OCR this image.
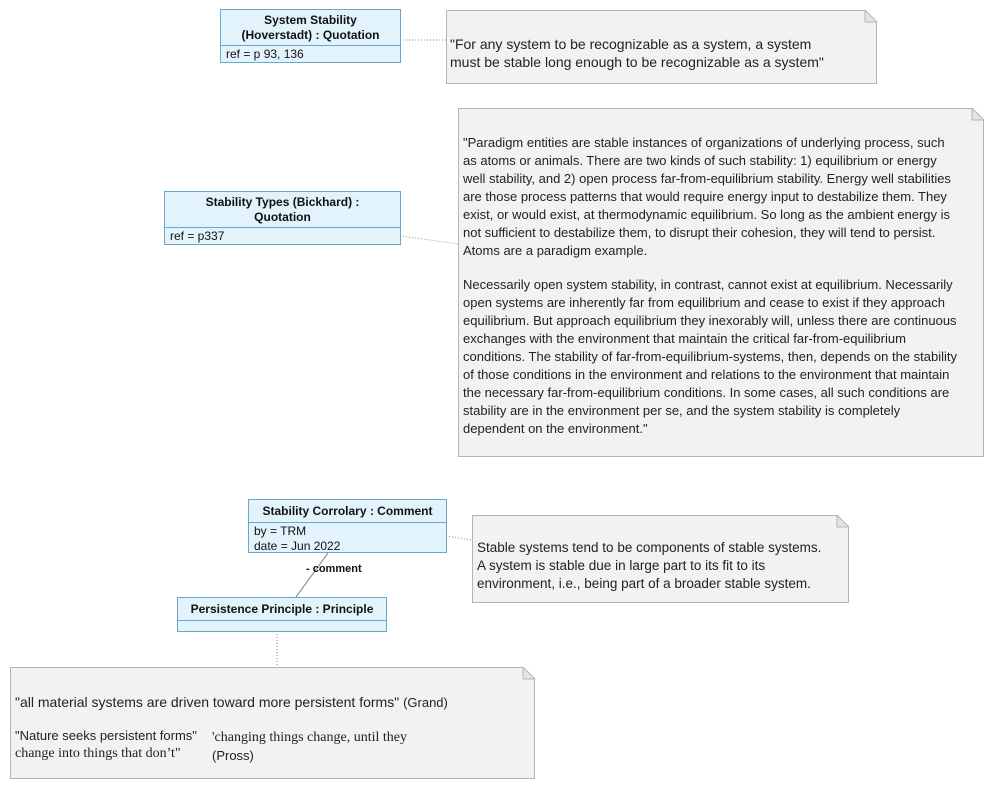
System Stability
(Hoverstadt) : Quotation
ref = p 93, 136
Stability Types (Bickhard) :
Quotation
ref = p337
Stability Corrolary : Comment
by = TRM
date = Jun 2022
Persistence Principle : Principle
- comment
"For any system to be recognizable as a system, a system
must be stable long enough to be recognizable as a system"

"Paradigm entities are stable instances of organizations of underlying process, such as atoms or animals. There are two kinds of such stability: 1) equilibrium or energy well stability, and 2) open process far-from-equilibrium stability. Energy well stabilities are those process patterns that would require energy input to destabilize them. They exist, or would exist, at thermodynamic equilibrium. So long as the ambient energy is not sufficient to destabilize them, to disrupt their cohesion, they will tend to persist. Atoms are a paradigm example.

Necessarily open system stability, in contrast, cannot exist at equilibrium. Necessarily open systems are inherently far from equilibrium and cease to exist if they approach equilibrium. But approach equilibrium they inexorably will, unless there are continuous exchanges with the environment that maintain the critical far-from-equilibrium conditions. The stability of far-from-equilibrium-systems, then, depends on the stability of those conditions in the environment and relations to the environment that maintain the necessary far-from-equilibrium conditions. In some cases, all such conditions are stability are in the environment per se, and the system stability is completely dependent on the environment."

Stable systems tend to be components of stable systems.
A system is stable due in large part to its fit to its
environment, i.e., being part of a broader stable system.
"all material systems are driven toward more persistent forms" (Grand)
"Nature seeks persistent forms"
change into things that don’t"
'changing things change, until they
(Pross)
